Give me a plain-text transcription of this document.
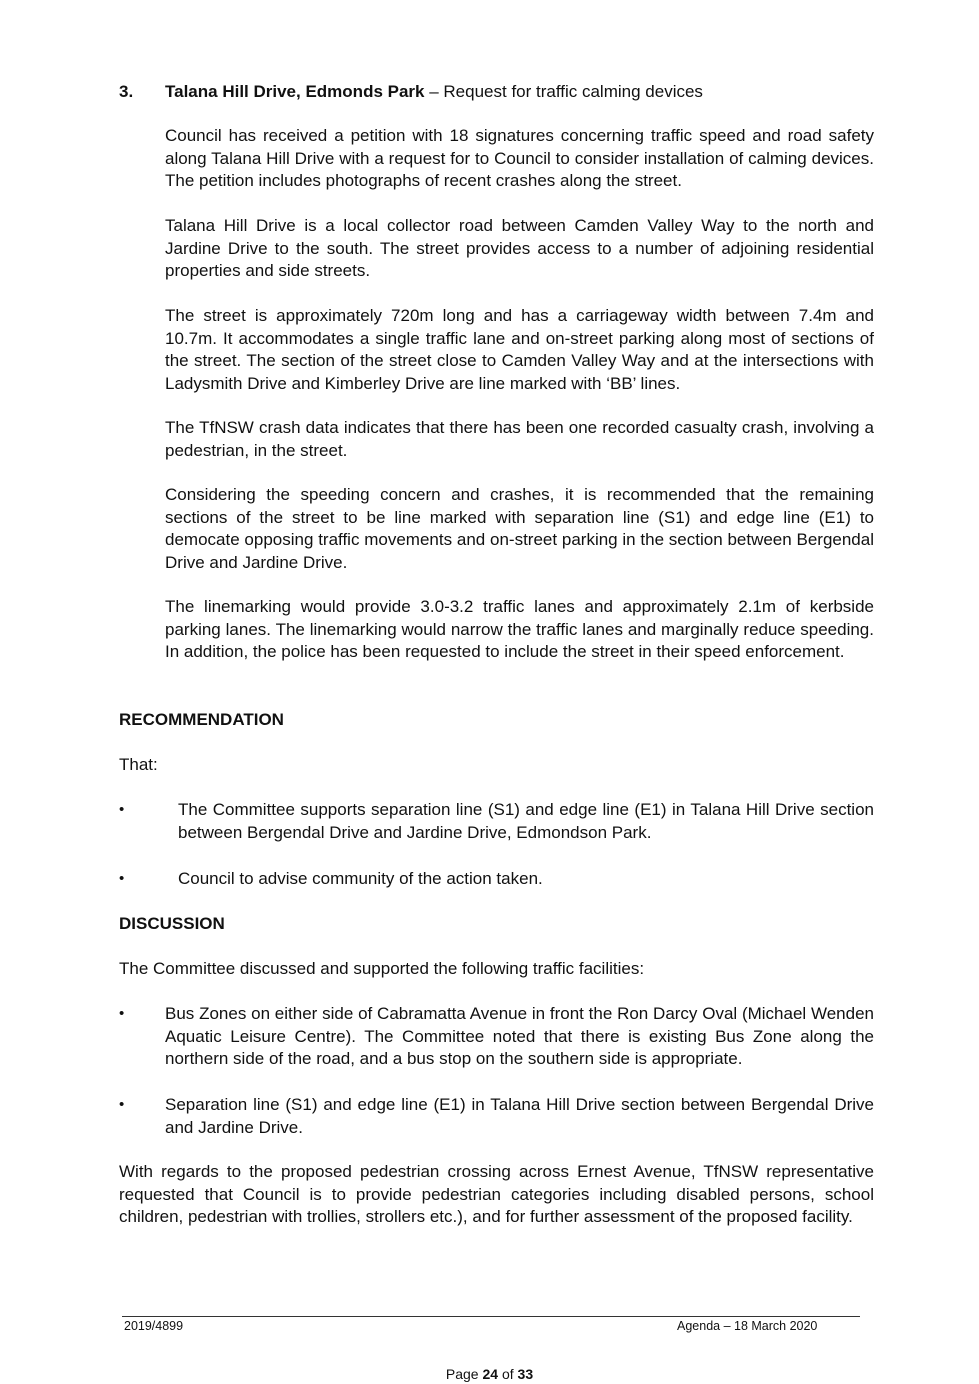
3. Talana Hill Drive, Edmonds Park – Request for traffic calming devices

Council has received a petition with 18 signatures concerning traffic speed and road safety along Talana Hill Drive with a request for to Council to consider installation of calming devices. The petition includes photographs of recent crashes along the street.

Talana Hill Drive is a local collector road between Camden Valley Way to the north and Jardine Drive to the south. The street provides access to a number of adjoining residential properties and side streets.

The street is approximately 720m long and has a carriageway width between 7.4m and 10.7m. It accommodates a single traffic lane and on-street parking along most of sections of the street. The section of the street close to Camden Valley Way and at the intersections with Ladysmith Drive and Kimberley Drive are line marked with ‘BB’ lines.

The TfNSW crash data indicates that there has been one recorded casualty crash, involving a pedestrian, in the street.

Considering the speeding concern and crashes, it is recommended that the remaining sections of the street to be line marked with separation line (S1) and edge line (E1) to democate opposing traffic movements and on-street parking in the section between Bergendal Drive and Jardine Drive.

The linemarking would provide 3.0-3.2 traffic lanes and approximately 2.1m of kerbside parking lanes. The linemarking would narrow the traffic lanes and marginally reduce speeding. In addition, the police has been requested to include the street in their speed enforcement.

RECOMMENDATION
That:
•	The Committee supports separation line (S1) and edge line (E1) in Talana Hill Drive section between Bergendal Drive and Jardine Drive, Edmondson Park.

•	Council to advise community of the action taken.

DISCUSSION
The Committee discussed and supported the following traffic facilities:
• Bus Zones on either side of Cabramatta Avenue in front the Ron Darcy Oval (Michael Wenden Aquatic Leisure Centre). The Committee noted that there is existing Bus Zone along the northern side of the road, and a bus stop on the southern side is appropriate.

• Separation line (S1) and edge line (E1) in Talana Hill Drive section between Bergendal Drive and Jardine Drive.

With regards to the proposed pedestrian crossing across Ernest Avenue, TfNSW representative requested that Council is to provide pedestrian categories including disabled persons, school children, pedestrian with trollies, strollers etc.), and for further assessment of the proposed facility.

2019/4899	Agenda – 18 March 2020
Page 24 of 33
